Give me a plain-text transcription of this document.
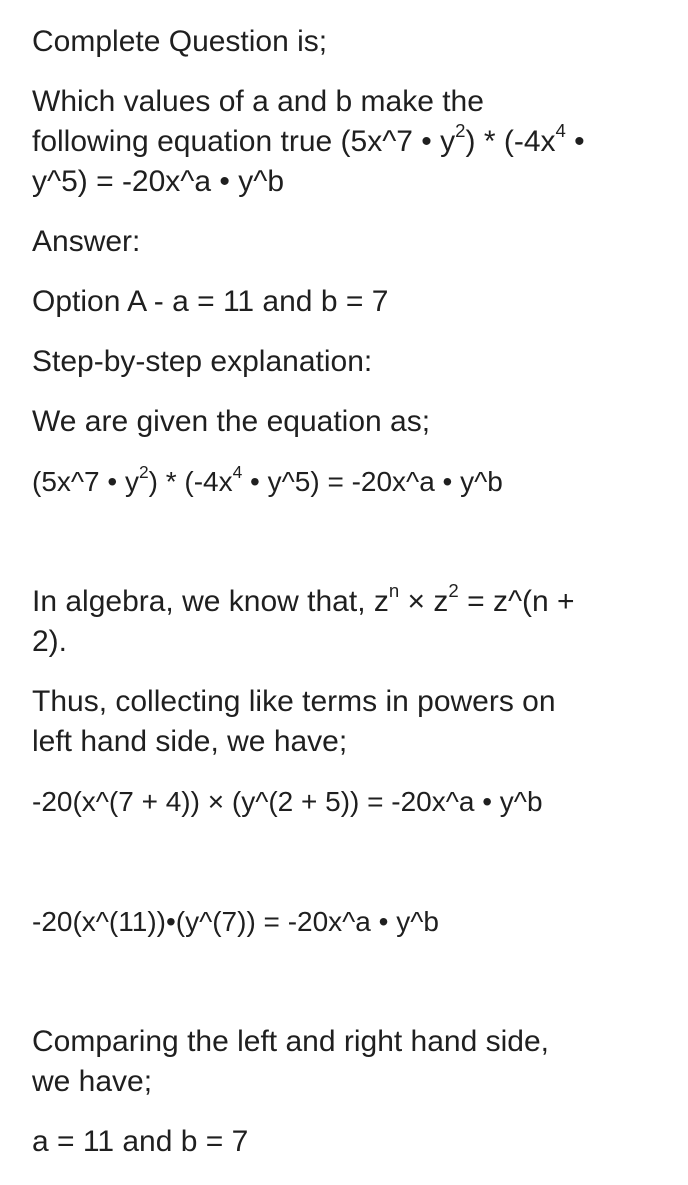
Complete Question is;
Which values of a and b make the
following equation true (5x^7 • $y^2) * (-4x^4$ •
y^5) = -20x^a • y^b
Answer:
Option A - a = 11 and b = 7
Step-by-step explanation:
We are given the equation as;
(5x^7 • $y^2) * (-4x^4$ • y^5) = -20x^a • y^b
In algebra, we know that, $z^n \times z^2$ = z^(n +
2).
Thus, collecting like terms in powers on
left hand side, we have;
-20(x^(7 + 4)) × (y^(2 + 5)) = -20x^a • y^b
-20(x^(11))•(y^(7)) = -20x^a • y^b
Comparing the left and right hand side,
we have;
a = 11 and b = 7
